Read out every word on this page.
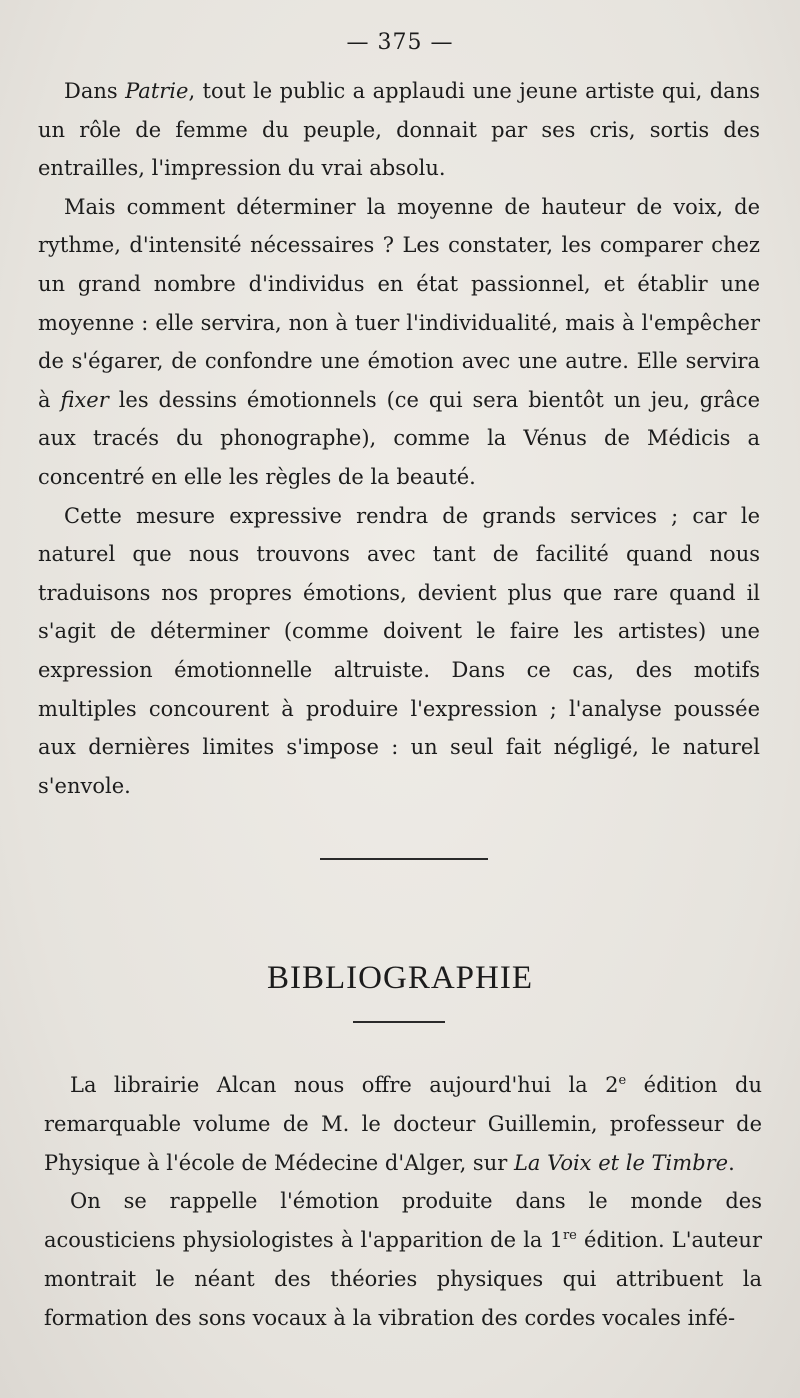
— 375 —

Dans Patrie, tout le public a applaudi une jeune artiste qui, dans un rôle de femme du peuple, donnait par ses cris, sortis des entrailles, l'impression du vrai absolu.

Mais comment déterminer la moyenne de hauteur de voix, de rythme, d'intensité nécessaires ? Les constater, les comparer chez un grand nombre d'individus en état passionnel, et établir une moyenne : elle servira, non à tuer l'individualité, mais à l'empêcher de s'égarer, de confondre une émotion avec une autre. Elle servira à fixer les dessins émotionnels (ce qui sera bientôt un jeu, grâce aux tracés du phonographe), comme la Vénus de Médicis a concentré en elle les règles de la beauté.

Cette mesure expressive rendra de grands services ; car le naturel que nous trouvons avec tant de facilité quand nous traduisons nos propres émotions, devient plus que rare quand il s'agit de déterminer (comme doivent le faire les artistes) une expression émotionnelle altruiste. Dans ce cas, des motifs multiples concourent à produire l'expression ; l'analyse poussée aux dernières limites s'impose : un seul fait négligé, le naturel s'envole.

BIBLIOGRAPHIE

La librairie Alcan nous offre aujourd'hui la 2e édition du remarquable volume de M. le docteur Guillemin, professeur de Physique à l'école de Médecine d'Alger, sur La Voix et le Timbre.

On se rappelle l'émotion produite dans le monde des acousticiens physiologistes à l'apparition de la 1re édition. L'auteur montrait le néant des théories physiques qui attribuent la formation des sons vocaux à la vibration des cordes vocales infé-
